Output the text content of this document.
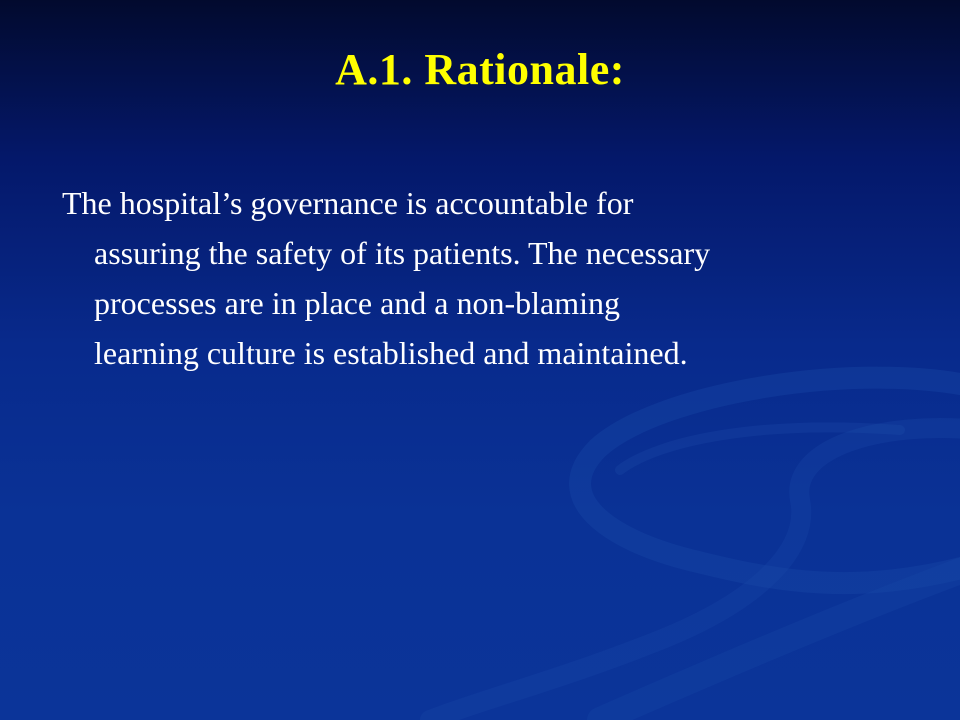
A.1. Rationale:

The hospital’s governance is accountable for
assuring the safety of its patients. The necessary
processes are in place and a non-blaming
learning culture is established and maintained.
